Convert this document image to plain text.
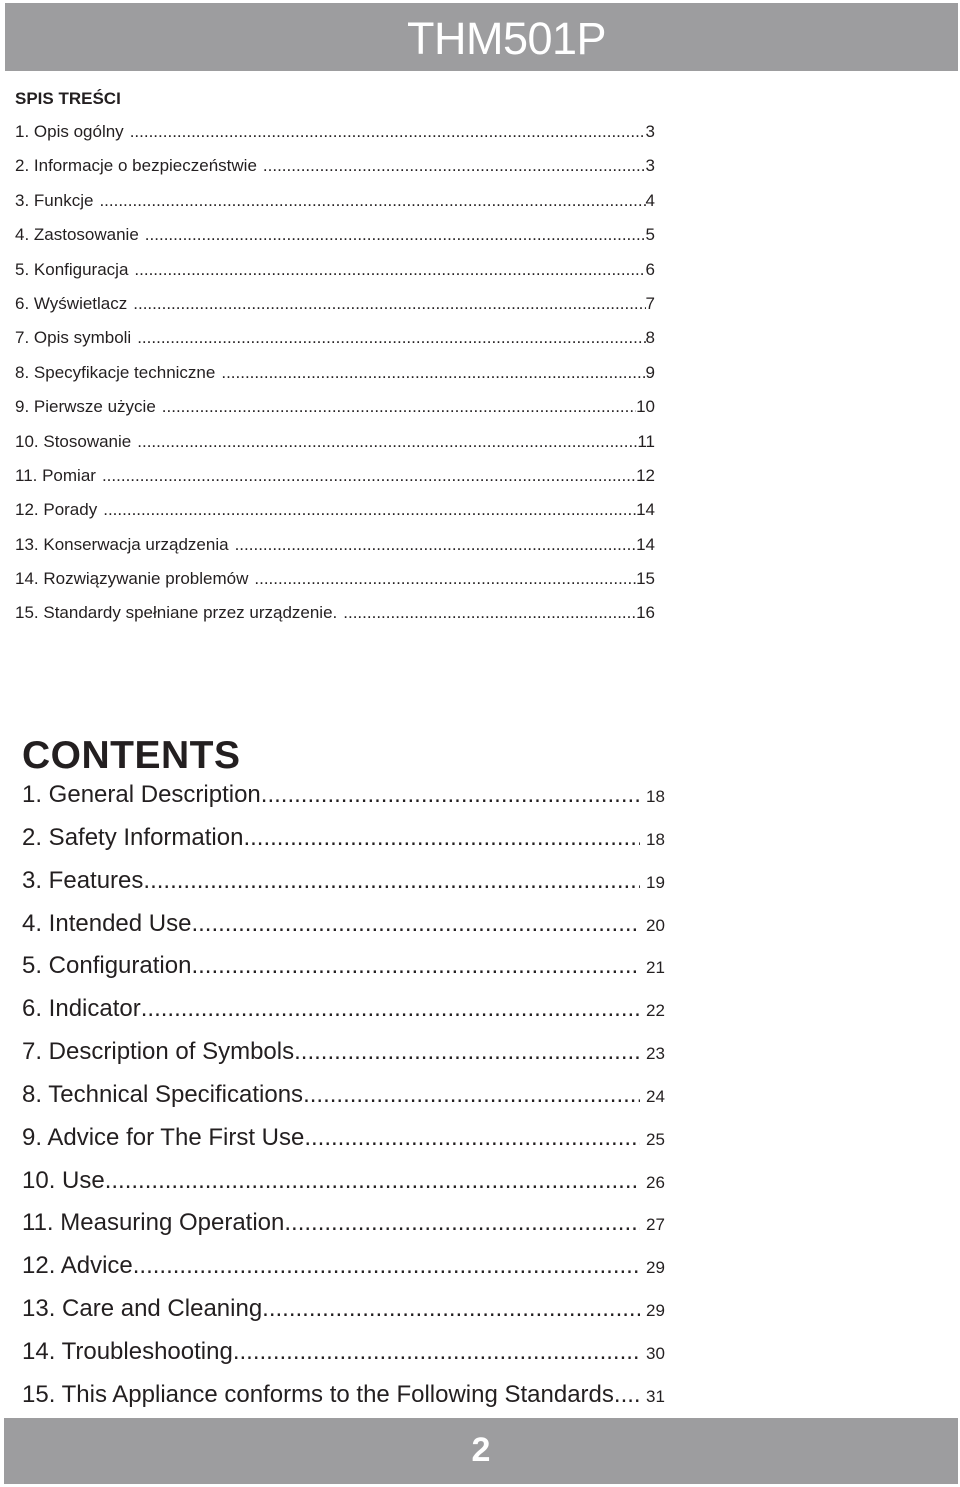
THM501P
SPIS TREŚCI
1. Opis ogólny .....	3
2. Informacje o bezpieczeństwie .....	3
3. Funkcje .....	4
4. Zastosowanie .....	5
5. Konfiguracja .....	6
6. Wyświetlacz .....	7
7. Opis symboli .....	8
8. Specyfikacje techniczne .....	9
9. Pierwsze użycie .....	10
10. Stosowanie .....	11
11. Pomiar .....	12
12. Porady .....	14
13. Konserwacja urządzenia .....	14
14. Rozwiązywanie problemów .....	15
15. Standardy spełniane przez urządzenie. .....	16
CONTENTS
1. General Description .....	18
2. Safety Information .....	18
3. Features .....	19
4. Intended Use .....	20
5. Configuration .....	21
6. Indicator .....	22
7. Description of Symbols .....	23
8. Technical Specifications .....	24
9. Advice for The First Use .....	25
10. Use .....	26
11. Measuring Operation .....	27
12. Advice .....	29
13. Care and Cleaning .....	29
14. Troubleshooting .....	30
15. This Appliance conforms to the Following Standards. ..... 31
2
